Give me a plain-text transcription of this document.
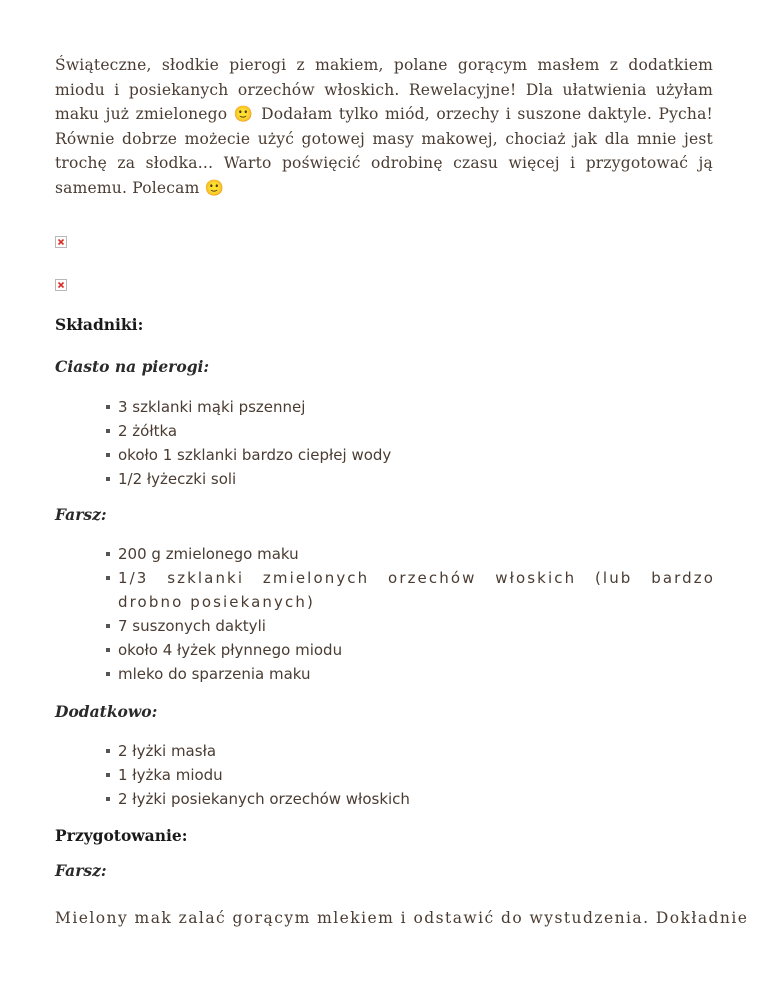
Świąteczne, słodkie pierogi z makiem, polane gorącym masłem z dodatkiem miodu i posiekanych orzechów włoskich. Rewelacyjne! Dla ułatwienia użyłam maku już zmielonego 🙂 Dodałam tylko miód, orzechy i suszone daktyle. Pycha! Równie dobrze możecie użyć gotowej masy makowej, chociaż jak dla mnie jest trochę za słodka… Warto poświęcić odrobinę czasu więcej i przygotować ją samemu. Polecam 🙂

Składniki:
Ciasto na pierogi:
3 szklanki mąki pszennej
2 żółtka
około 1 szklanki bardzo ciepłej wody
1/2 łyżeczki soli
Farsz:
200 g zmielonego maku
1/3 szklanki zmielonych orzechów włoskich (lub bardzo drobno posiekanych)
7 suszonych daktyli
około 4 łyżek płynnego miodu
mleko do sparzenia maku
Dodatkowo:
2 łyżki masła
1 łyżka miodu
2 łyżki posiekanych orzechów włoskich
Przygotowanie:
Farsz:

Mielony mak zalać gorącym mlekiem i odstawić do wystudzenia. Dokładnie
